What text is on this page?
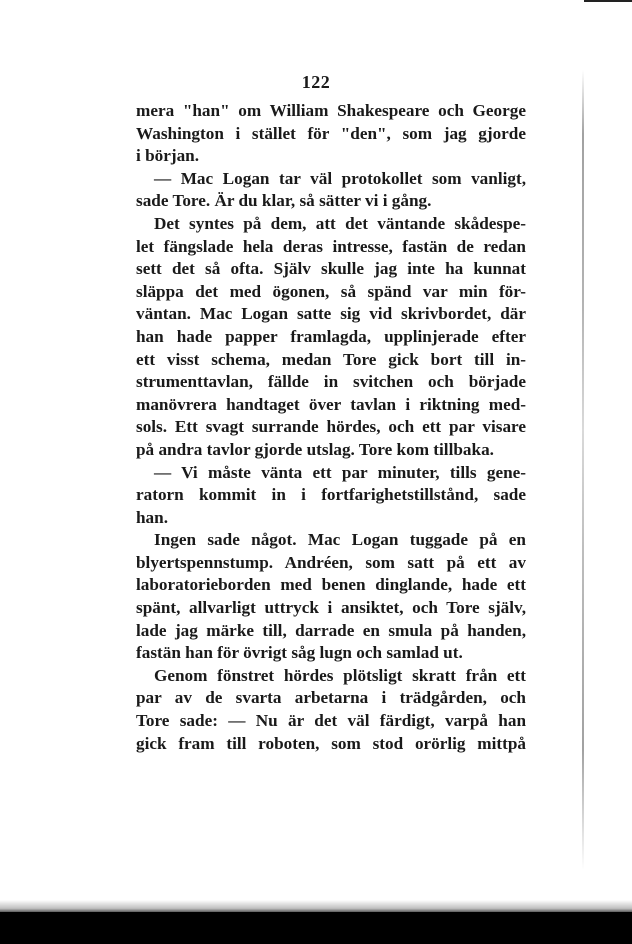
122
mera "han" om William Shakespeare och George
Washington i stället för "den", som jag gjorde
i början.
— Mac Logan tar väl protokollet som vanligt,
sade Tore. Är du klar, så sätter vi i gång.
Det syntes på dem, att det väntande skådespe-
let fängslade hela deras intresse, fastän de redan
sett det så ofta. Själv skulle jag inte ha kunnat
släppa det med ögonen, så spänd var min för-
väntan. Mac Logan satte sig vid skrivbordet, där
han hade papper framlagda, upplinjerade efter
ett visst schema, medan Tore gick bort till in-
strumenttavlan, fällde in svitchen och började
manövrera handtaget över tavlan i riktning med-
sols. Ett svagt surrande hördes, och ett par visare
på andra tavlor gjorde utslag. Tore kom tillbaka.
— Vi måste vänta ett par minuter, tills gene-
ratorn kommit in i fortfarighetstillstånd, sade
han.
Ingen sade något. Mac Logan tuggade på en
blyertspennstump. Andréen, som satt på ett av
laboratorieborden med benen dinglande, hade ett
spänt, allvarligt uttryck i ansiktet, och Tore själv,
lade jag märke till, darrade en smula på handen,
fastän han för övrigt såg lugn och samlad ut.
Genom fönstret hördes plötsligt skratt från ett
par av de svarta arbetarna i trädgården, och
Tore sade: — Nu är det väl färdigt, varpå han
gick fram till roboten, som stod orörlig mittpå
